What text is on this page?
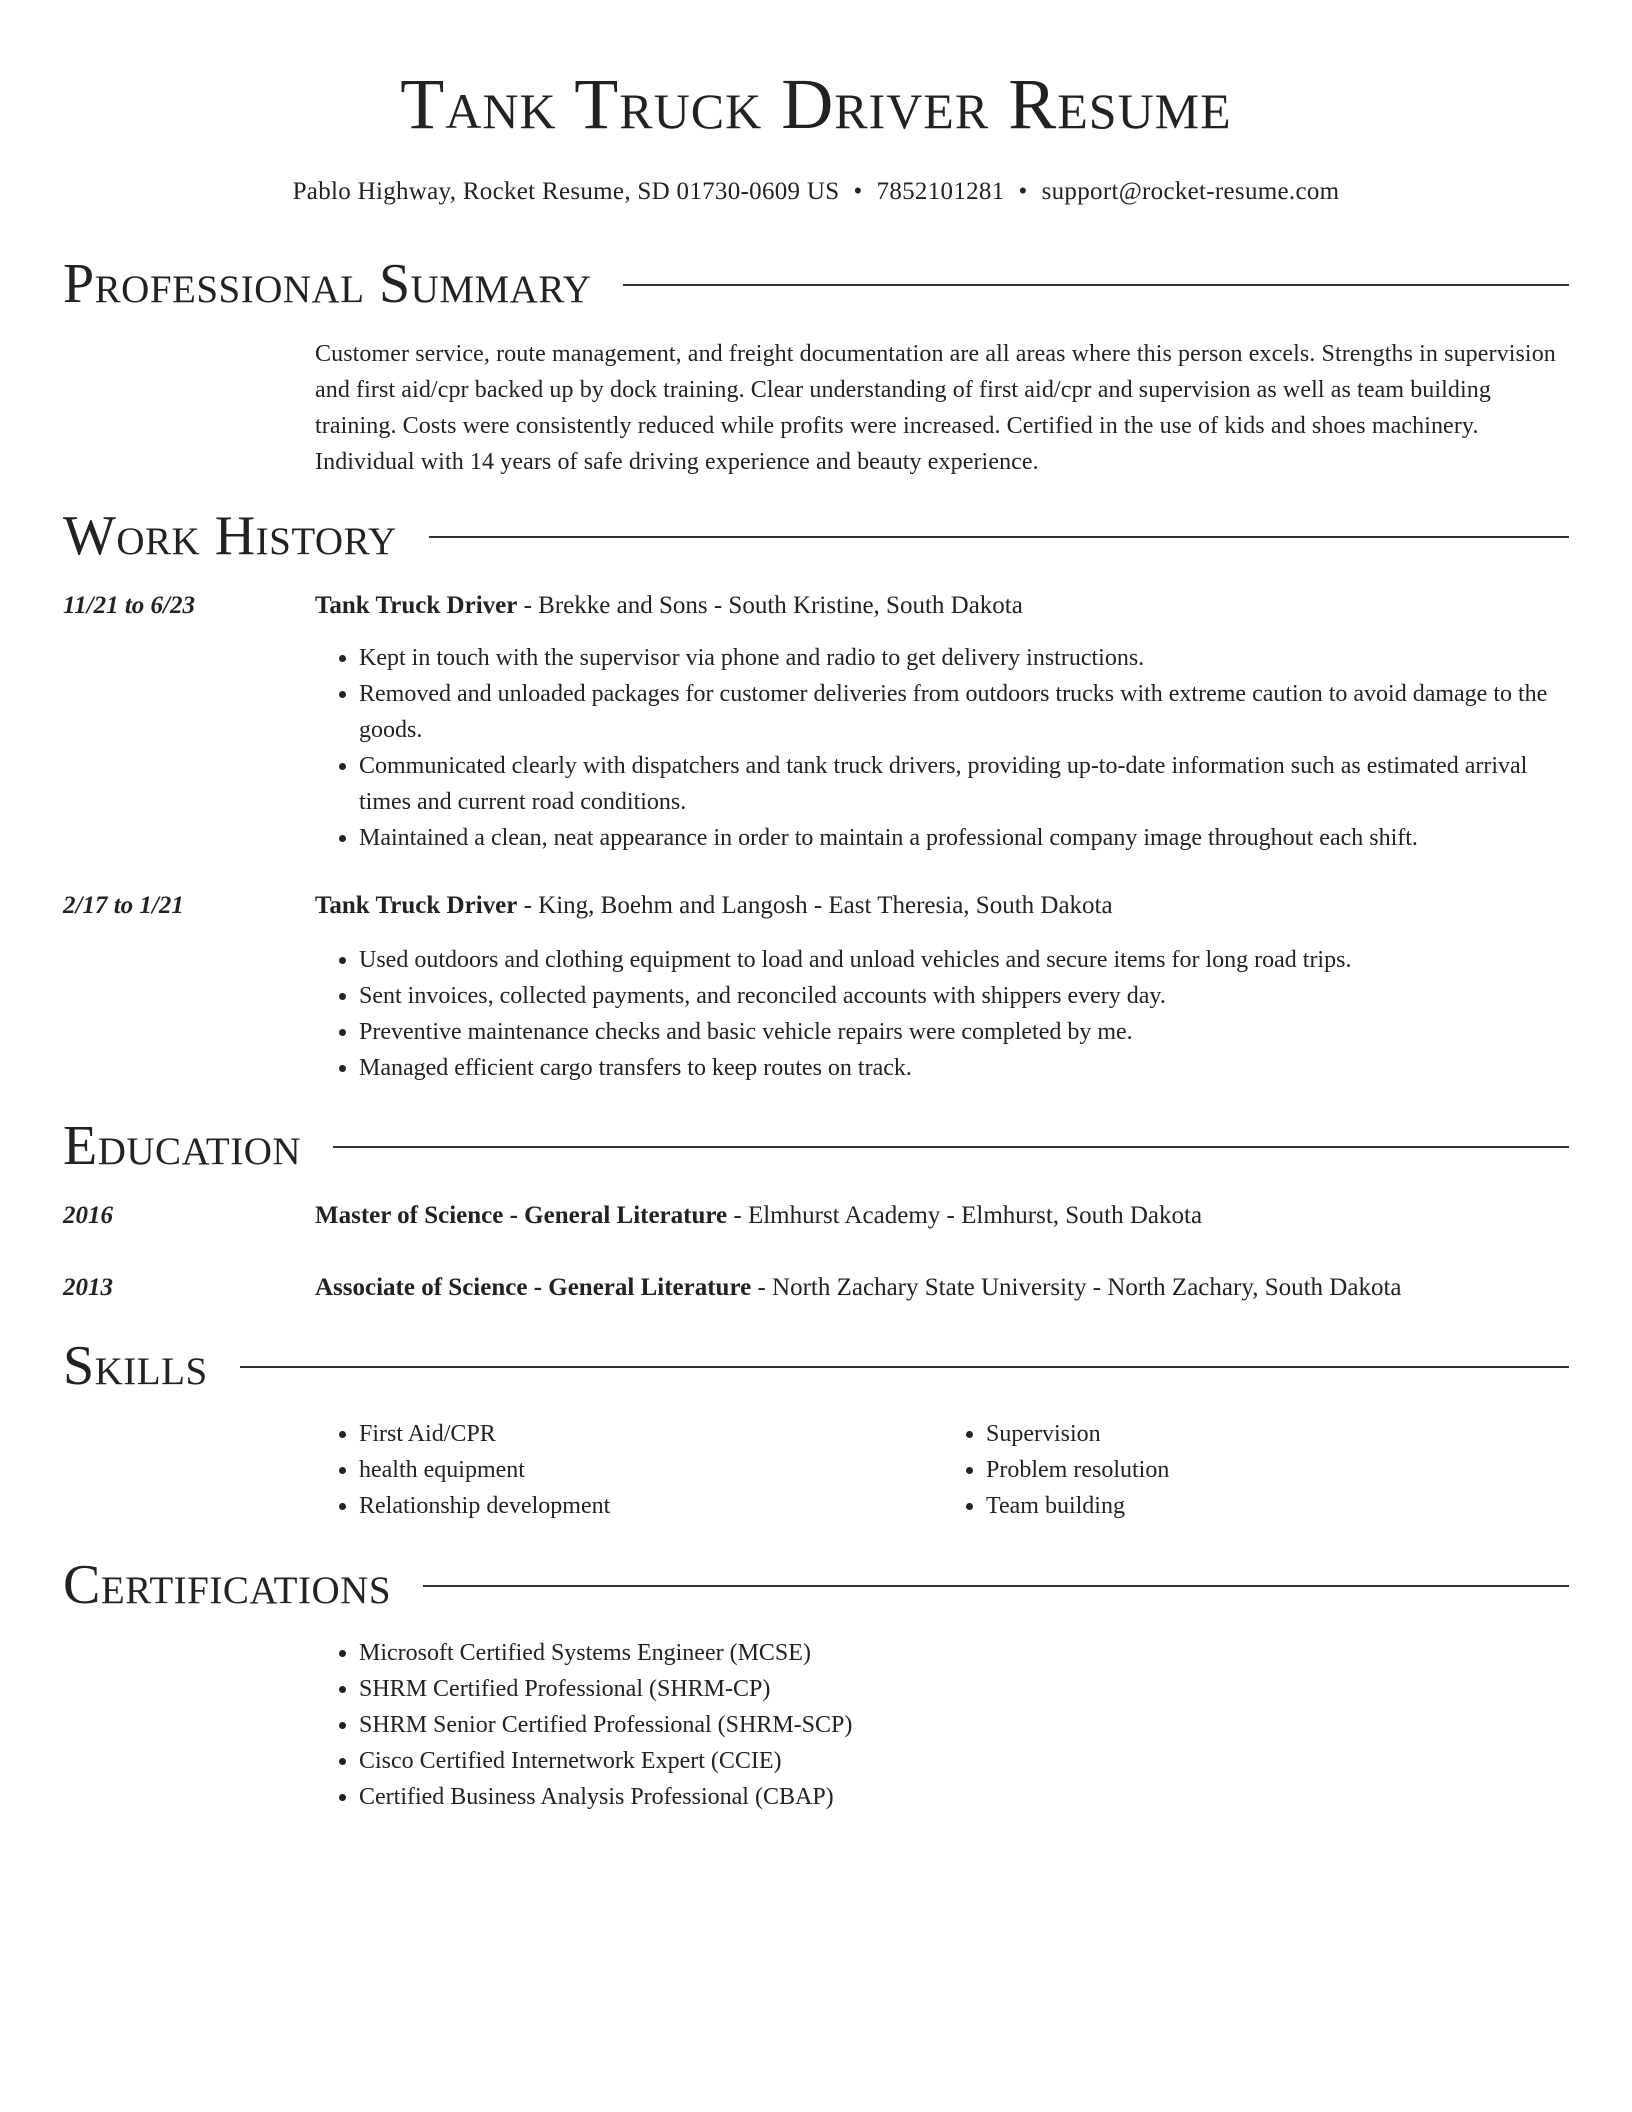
Tank Truck Driver Resume
Pablo Highway, Rocket Resume, SD 01730-0609 US • 7852101281 • support@rocket-resume.com
Professional Summary

Customer service, route management, and freight documentation are all areas where this person excels. Strengths in supervision and first aid/cpr backed up by dock training. Clear understanding of first aid/cpr and supervision as well as team building training. Costs were consistently reduced while profits were increased. Certified in the use of kids and shoes machinery. Individual with 14 years of safe driving experience and beauty experience.

Work History
11/21 to 6/23	Tank Truck Driver - Brekke and Sons - South Kristine, South Dakota
• Kept in touch with the supervisor via phone and radio to get delivery instructions.
• Removed and unloaded packages for customer deliveries from outdoors trucks with extreme caution to avoid damage to the goods.
• Communicated clearly with dispatchers and tank truck drivers, providing up-to-date information such as estimated arrival times and current road conditions.
• Maintained a clean, neat appearance in order to maintain a professional company image throughout each shift.
2/17 to 1/21	Tank Truck Driver - King, Boehm and Langosh - East Theresia, South Dakota
• Used outdoors and clothing equipment to load and unload vehicles and secure items for long road trips.
• Sent invoices, collected payments, and reconciled accounts with shippers every day.
• Preventive maintenance checks and basic vehicle repairs were completed by me.
• Managed efficient cargo transfers to keep routes on track.
Education
2016	Master of Science - General Literature - Elmhurst Academy - Elmhurst, South Dakota
2013	Associate of Science - General Literature - North Zachary State University - North Zachary, South Dakota
Skills
• First Aid/CPR
• health equipment
• Relationship development
• Supervision
• Problem resolution
• Team building
Certifications
• Microsoft Certified Systems Engineer (MCSE)
• SHRM Certified Professional (SHRM-CP)
• SHRM Senior Certified Professional (SHRM-SCP)
• Cisco Certified Internetwork Expert (CCIE)
• Certified Business Analysis Professional (CBAP)
